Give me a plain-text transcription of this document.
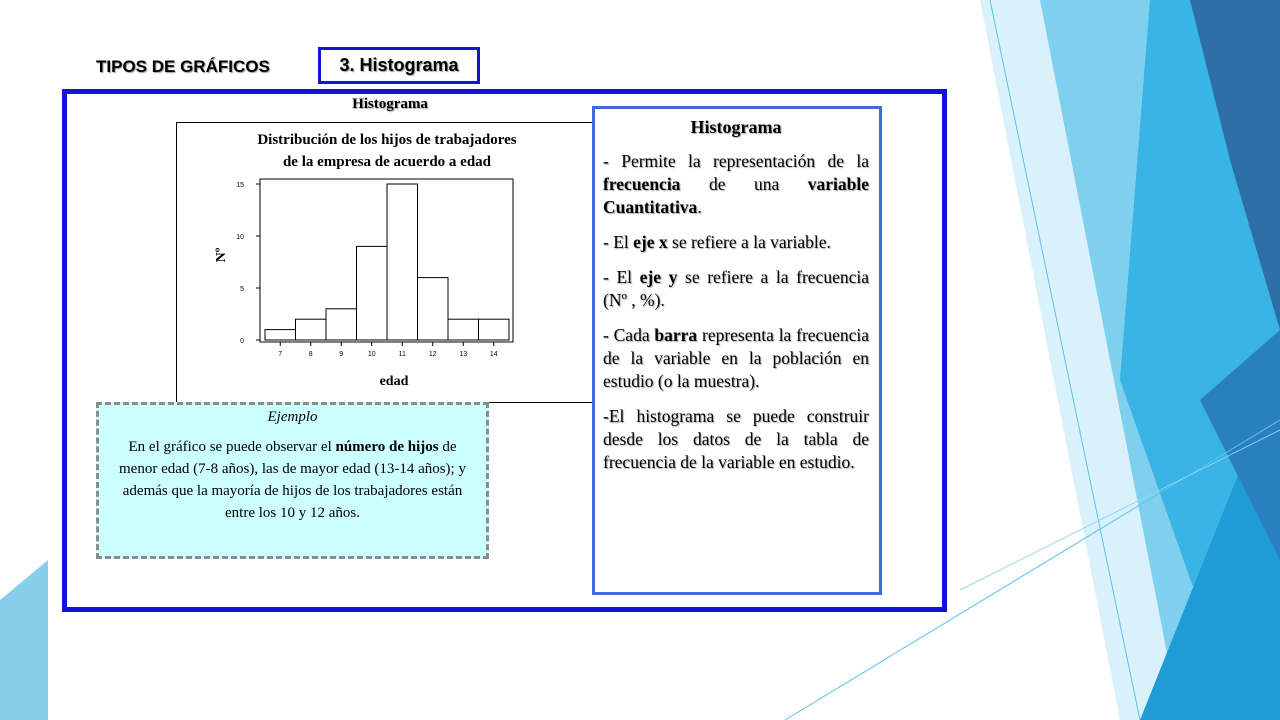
TIPOS DE GRÁFICOS	3. Histograma
Histograma
Distribución de los hijos de trabajadores
de la empresa de acuerdo a edad
0
5
10
15
7	8	9	10	11	12	13	14
Nº
edad

Histograma

- Permite la representación de la frecuencia de una variable Cuantitativa.

- El eje x se refiere a la variable.

- El eje y se refiere a la frecuencia (Nº , %).

- Cada barra representa la frecuencia de la variable en la población en estudio (o la muestra).

-El histograma se puede construir desde los datos de la tabla de frecuencia de la variable en estudio.

Ejemplo

En el gráfico se puede observar el número de hijos de menor edad (7-8 años), las de mayor edad (13-14 años); y además que la mayoría de hijos de los trabajadores están entre los 10 y 12 años.
